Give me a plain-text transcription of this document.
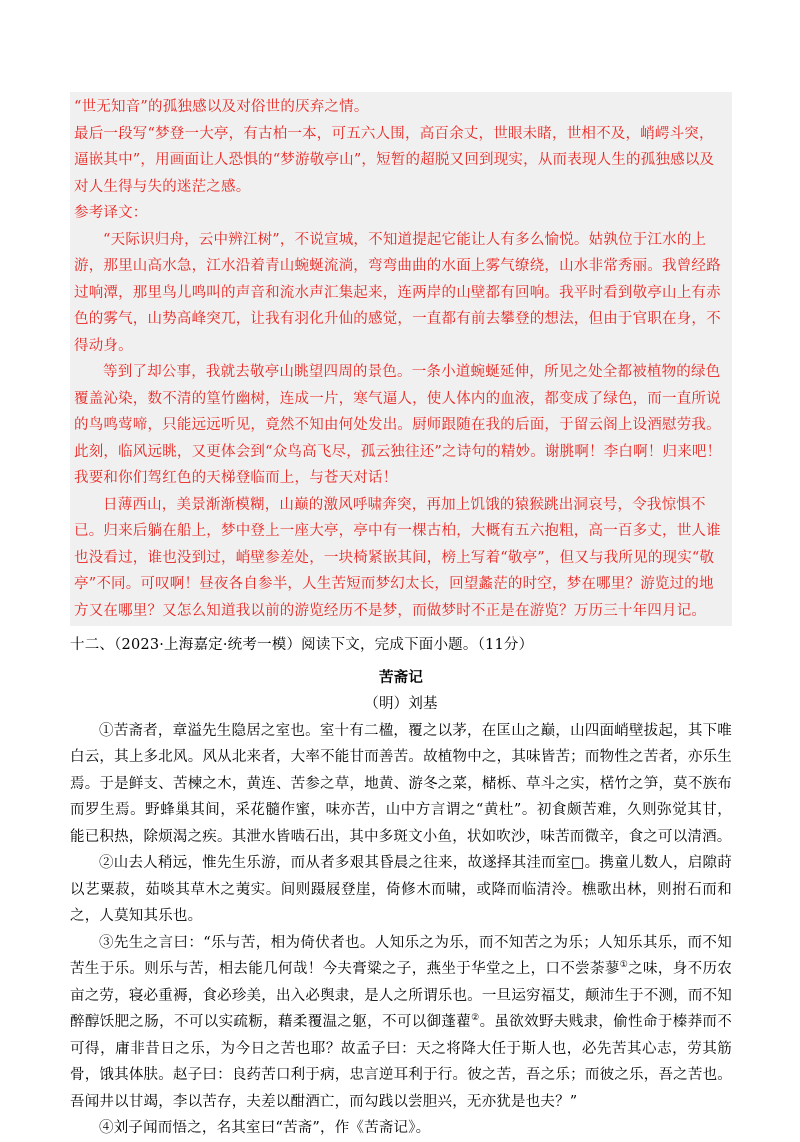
“世无知音”的孤独感以及对俗世的厌弃之情。

最后一段写“梦登一大亭，有古柏一本，可五六人围，高百余丈，世眼未睹，世相不及，峭崿斗突，逼嵌其中”，用画面让人恐惧的“梦游敬亭山”，短暂的超脱又回到现实，从而表现人生的孤独感以及对人生得与失的迷茫之感。

参考译文：

“天际识归舟，云中辨江树”，不说宣城，不知道提起它能让人有多么愉悦。姑孰位于江水的上游，那里山高水急，江水沿着青山蜿蜒流淌，弯弯曲曲的水面上雾气缭绕，山水非常秀丽。我曾经路过响潭，那里鸟儿鸣叫的声音和流水声汇集起来，连两岸的山壁都有回响。我平时看到敬亭山上有赤色的雾气，山势高峰突兀，让我有羽化升仙的感觉，一直都有前去攀登的想法，但由于官职在身，不得动身。

等到了却公事，我就去敬亭山眺望四周的景色。一条小道蜿蜒延伸，所见之处全都被植物的绿色覆盖沁染，数不清的篁竹幽树，连成一片，寒气逼人，使人体内的血液，都变成了绿色，而一直所说的鸟鸣莺啼，只能远远听见，竟然不知由何处发出。厨师跟随在我的后面，于留云阁上设酒慰劳我。此刻，临风远眺，又更体会到“众鸟高飞尽，孤云独往还”之诗句的精妙。谢朓啊！李白啊！归来吧！我要和你们驾红色的天梯登临而上，与苍天对话！

日薄西山，美景渐渐模糊，山巅的激风呼啸奔突，再加上饥饿的猿猴跳出洞哀号，令我惊惧不已。归来后躺在船上，梦中登上一座大亭，亭中有一棵古柏，大概有五六抱粗，高一百多丈，世人谁也没看过，谁也没到过，峭壁参差处，一块椅紧嵌其间，榜上写着“敬亭”，但又与我所见的现实“敬亭”不同。可叹啊！昼夜各自参半，人生苦短而梦幻太长，回望蠡茫的时空，梦在哪里？游览过的地方又在哪里？又怎么知道我以前的游览经历不是梦，而做梦时不正是在游览？万历三十年四月记。

十二、（2023·上海嘉定·统考一模）阅读下文，完成下面小题。（11分）

苦斋记

（明）刘基

①苦斋者，章溢先生隐居之室也。室十有二楹，覆之以茅，在匡山之巅，山四面峭壁拔起，其下唯白云，其上多北风。风从北来者，大率不能甘而善苦。故植物中之，其味皆苦；而物性之苦者，亦乐生焉。于是鲜支、苦楝之木，黄连、苦参之草，地黄、游冬之菜，槠栎、草斗之实，楛竹之笋，莫不族布而罗生焉。野蜂巢其间，采花髓作蜜，味亦苦，山中方言谓之“黄杜”。初食颇苦难，久则弥觉其甘，能已积热，除烦渴之疾。其泄水皆啮石出，其中多斑文小鱼，状如吹沙，味苦而微辛，食之可以清酒。

②山去人稍远，惟先生乐游，而从者多艰其昏晨之往来，故遂择其洼而室□。携童儿数人，启隙莳以艺粟菽，茹啖其草木之荑实。间则蹑屐登崖，倚修木而啸，或降而临清泠。樵歌出林，则拊石而和之，人莫知其乐也。

③先生之言曰：“乐与苦，相为倚伏者也。人知乐之为乐，而不知苦之为乐；人知乐其乐，而不知苦生于乐。则乐与苦，相去能几何哉！今夫膏粱之子，燕坐于华堂之上，口不尝荼蓼①之味，身不历农亩之劳，寝必重褥，食必珍美，出入必舆隶，是人之所谓乐也。一旦运穷福艾，颠沛生于不测，而不知醉醇饫肥之肠，不可以实疏粝，藉柔覆温之躯，不可以御蓬藋②。虽欲效野夫贱隶，偷性命于榛莽而不可得，庸非昔日之乐，为今日之苦也耶？故孟子曰：天之将降大任于斯人也，必先苦其心志，劳其筋骨，饿其体肤。赵子曰：良药苦口利于病，忠言逆耳利于行。彼之苦，吾之乐；而彼之乐，吾之苦也。吾闻井以甘竭，李以苦存，夫差以酣酒亡，而勾践以尝胆兴，无亦犹是也夫？”

④刘子闻而悟之，名其室曰“苦斋”，作《苦斋记》。
